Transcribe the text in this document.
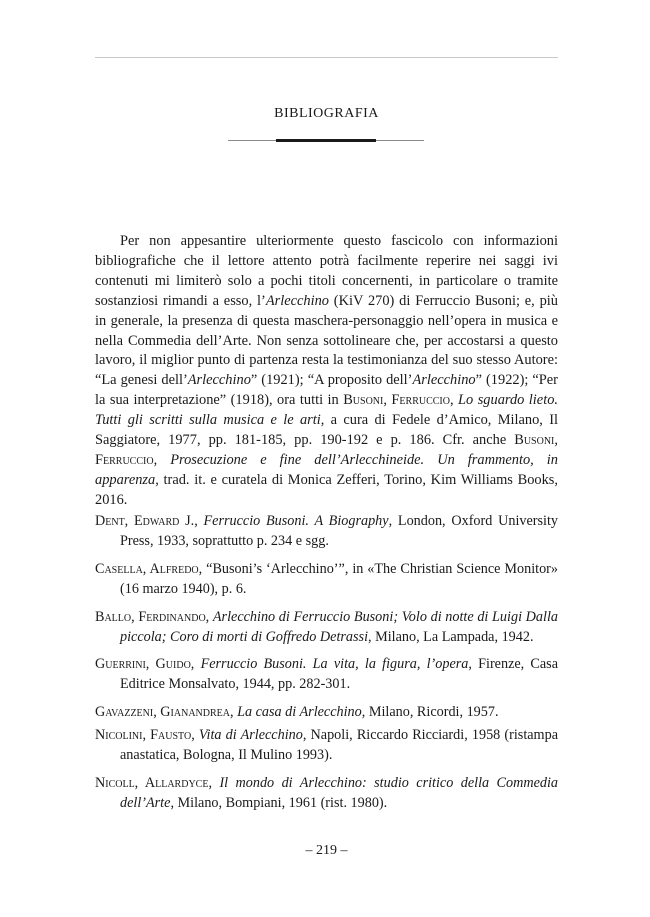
BIBLIOGRAFIA

Per non appesantire ulteriormente questo fascicolo con informazioni bibliografiche che il lettore attento potrà facilmente reperire nei saggi ivi contenuti mi limiterò solo a pochi titoli concernenti, in particolare o tramite sostanziosi rimandi a esso, l’Arlecchino (KiV 270) di Ferruccio Busoni; e, più in generale, la presenza di questa maschera-personaggio nell’opera in musica e nella Commedia dell’Arte. Non senza sottolineare che, per accostarsi a questo lavoro, il miglior punto di partenza resta la testimonianza del suo stesso Autore: “La genesi dell’Arlecchino” (1921); “A proposito dell’Arlecchino” (1922); “Per la sua interpretazione” (1918), ora tutti in Busoni, Ferruccio, Lo sguardo lieto. Tutti gli scritti sulla musica e le arti, a cura di Fedele d’Amico, Milano, Il Saggiatore, 1977, pp. 181-185, pp. 190-192 e p. 186. Cfr. anche Busoni, Ferruccio, Prosecuzione e fine dell’Arlecchineide. Un frammento, in apparenza, trad. it. e curatela di Monica Zefferi, Torino, Kim Williams Books, 2016.

Dent, Edward J., Ferruccio Busoni. A Biography, London, Oxford University Press, 1933, soprattutto p. 234 e sgg.
Casella, Alfredo, “Busoni’s ‘Arlecchino’”, in «The Christian Science Monitor» (16 marzo 1940), p. 6.
Ballo, Ferdinando, Arlecchino di Ferruccio Busoni; Volo di notte di Luigi Dalla piccola; Coro di morti di Goffredo Detrassi, Milano, La Lampada, 1942.
Guerrini, Guido, Ferruccio Busoni. La vita, la figura, l’opera, Firenze, Casa Editrice Monsalvato, 1944, pp. 282-301.
Gavazzeni, Gianandrea, La casa di Arlecchino, Milano, Ricordi, 1957.
Nicolini, Fausto, Vita di Arlecchino, Napoli, Riccardo Ricciardi, 1958 (ristampa anastatica, Bologna, Il Mulino 1993).
Nicoll, Allardyce, Il mondo di Arlecchino: studio critico della Commedia dell’Arte, Milano, Bompiani, 1961 (rist. 1980).
– 219 –
